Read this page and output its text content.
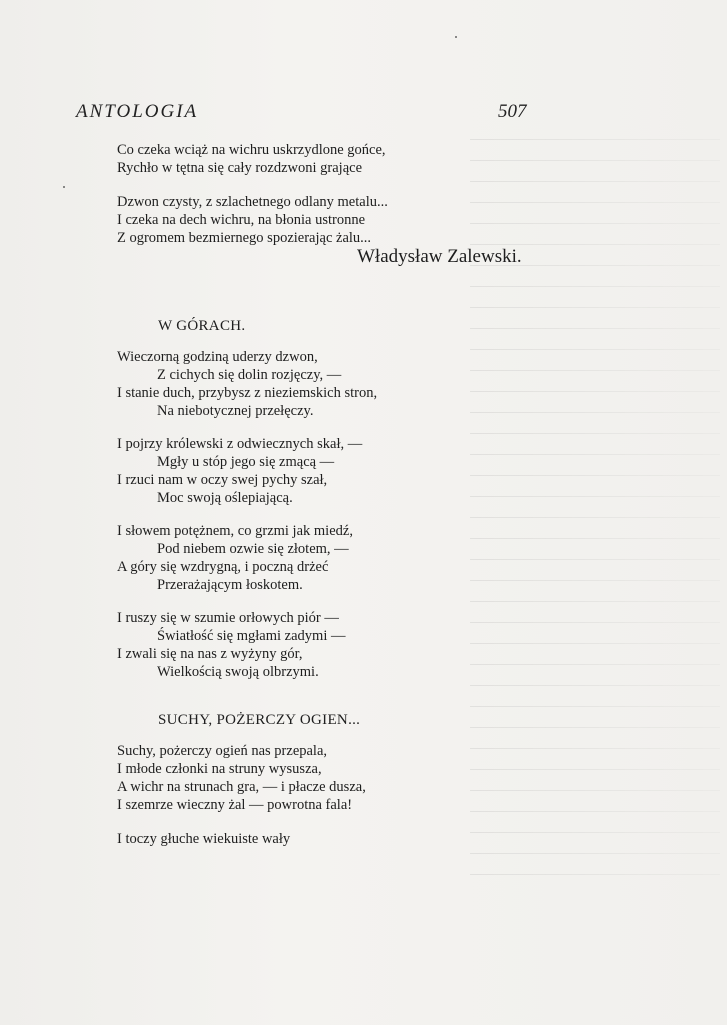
ANTOLOGIA	507
Co czeka wciąż na wichru uskrzydlone gońce,
Rychło w tętna się cały rozdzwoni grające
Dzwon czysty, z szlachetnego odlany metalu...
I czeka na dech wichru, na błonia ustronne
Z ogromem bezmiernego spozierając żalu...
Władysław Zalewski.
W GÓRACH.
Wieczorną godziną uderzy dzwon,
Z cichych się dolin rozjęczy, —
I stanie duch, przybysz z nieziemskich stron,
Na niebotycznej przełęczy.
I pojrzy królewski z odwiecznych skał, —
Mgły u stóp jego się zmącą —
I rzuci nam w oczy swej pychy szał,
Moc swoją oślepiającą.
I słowem potężnem, co grzmi jak miedź,
Pod niebem ozwie się złotem, —
A góry się wzdrygną, i poczną drżeć
Przerażającym łoskotem.
I ruszy się w szumie orłowych piór —
Światłość się mgłami zadymi —
I zwali się na nas z wyżyny gór,
Wielkością swoją olbrzymi.
SUCHY, POŻERCZY OGIEN...
Suchy, pożerczy ogień nas przepala,
I młode członki na struny wysusza,
A wichr na strunach gra, — i płacze dusza,
I szemrze wieczny żal — powrotna fala!
I toczy głuche wiekuiste wały
